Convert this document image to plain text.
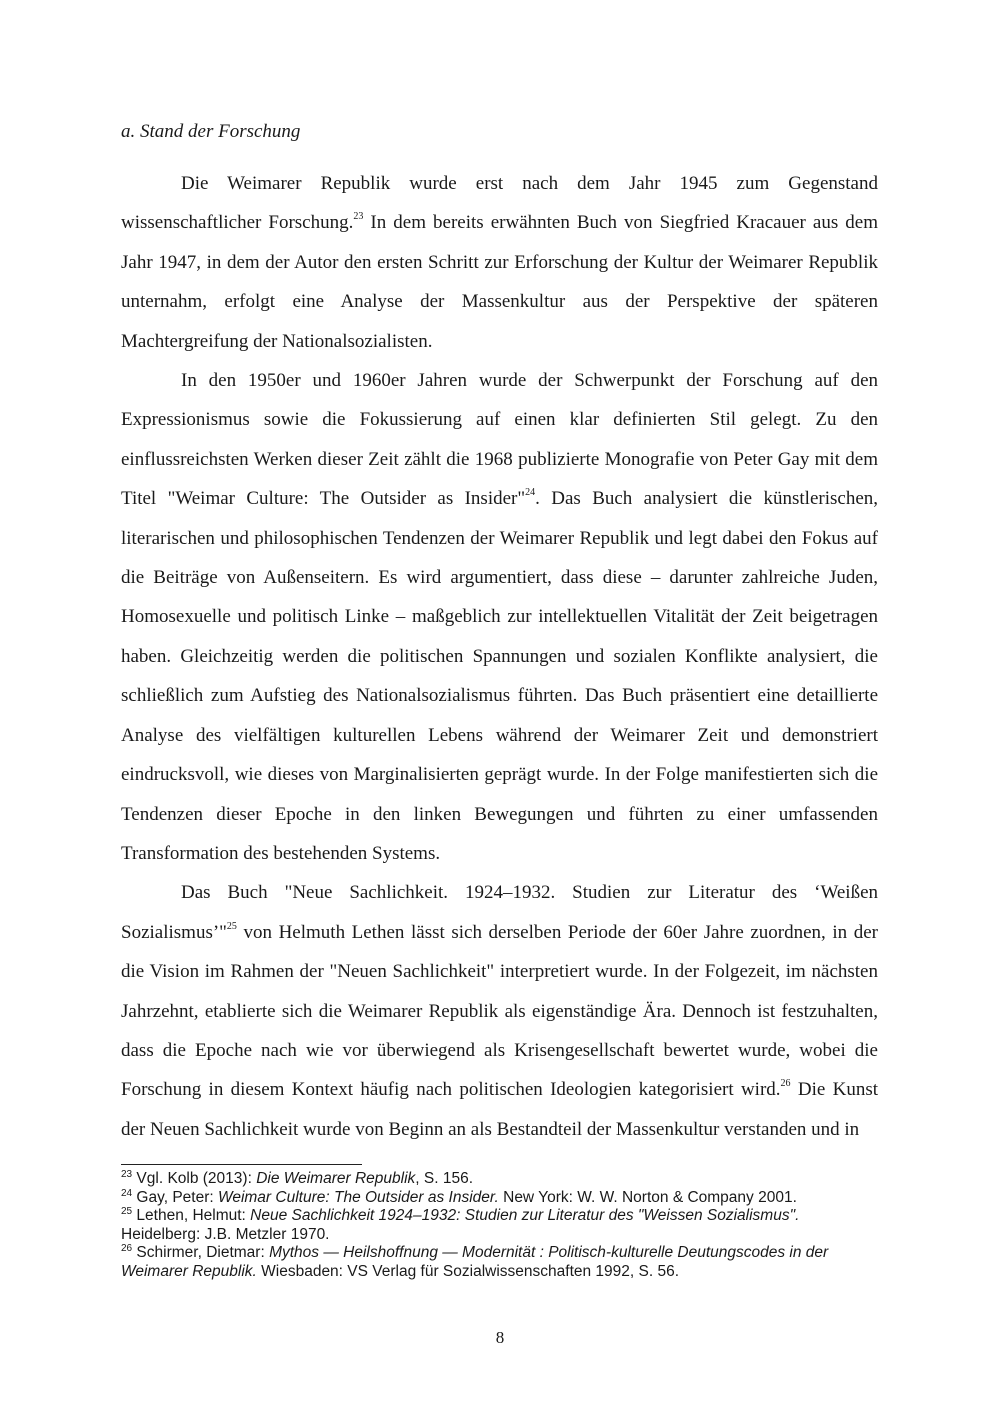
a. Stand der Forschung

Die Weimarer Republik wurde erst nach dem Jahr 1945 zum Gegenstand wissenschaftlicher Forschung.$^{23}$ In dem bereits erwähnten Buch von Siegfried Kracauer aus dem Jahr 1947, in dem der Autor den ersten Schritt zur Erforschung der Kultur der Weimarer Republik unternahm, erfolgt eine Analyse der Massenkultur aus der Perspektive der späteren Machtergreifung der Nationalsozialisten.

In den 1950er und 1960er Jahren wurde der Schwerpunkt der Forschung auf den Expressionismus sowie die Fokussierung auf einen klar definierten Stil gelegt. Zu den einflussreichsten Werken dieser Zeit zählt die 1968 publizierte Monografie von Peter Gay mit dem Titel "Weimar Culture: The Outsider as Insider"$^{24}$. Das Buch analysiert die künstlerischen, literarischen und philosophischen Tendenzen der Weimarer Republik und legt dabei den Fokus auf die Beiträge von Außenseitern. Es wird argumentiert, dass diese – darunter zahlreiche Juden, Homosexuelle und politisch Linke – maßgeblich zur intellektuellen Vitalität der Zeit beigetragen haben. Gleichzeitig werden die politischen Spannungen und sozialen Konflikte analysiert, die schließlich zum Aufstieg des Nationalsozialismus führten. Das Buch präsentiert eine detaillierte Analyse des vielfältigen kulturellen Lebens während der Weimarer Zeit und demonstriert eindrucksvoll, wie dieses von Marginalisierten geprägt wurde. In der Folge manifestierten sich die Tendenzen dieser Epoche in den linken Bewegungen und führten zu einer umfassenden Transformation des bestehenden Systems.

Das Buch "Neue Sachlichkeit. 1924–1932. Studien zur Literatur des ‘Weißen Sozialismus’"$^{25}$ von Helmuth Lethen lässt sich derselben Periode der 60er Jahre zuordnen, in der die Vision im Rahmen der "Neuen Sachlichkeit" interpretiert wurde. In der Folgezeit, im nächsten Jahrzehnt, etablierte sich die Weimarer Republik als eigenständige Ära. Dennoch ist festzuhalten, dass die Epoche nach wie vor überwiegend als Krisengesellschaft bewertet wurde, wobei die Forschung in diesem Kontext häufig nach politischen Ideologien kategorisiert wird.$^{26}$ Die Kunst der Neuen Sachlichkeit wurde von Beginn an als Bestandteil der Massenkultur verstanden und in

$^{23}$ Vgl. Kolb (2013): Die Weimarer Republik, S. 156.
$^{24}$ Gay, Peter: Weimar Culture: The Outsider as Insider. New York: W. W. Norton & Company 2001.
$^{25}$ Lethen, Helmut: Neue Sachlichkeit 1924–1932: Studien zur Literatur des "Weissen Sozialismus". Heidelberg: J.B. Metzler 1970.
$^{26}$ Schirmer, Dietmar: Mythos — Heilshoffnung — Modernität : Politisch-kulturelle Deutungscodes in der Weimarer Republik. Wiesbaden: VS Verlag für Sozialwissenschaften 1992, S. 56.
8
